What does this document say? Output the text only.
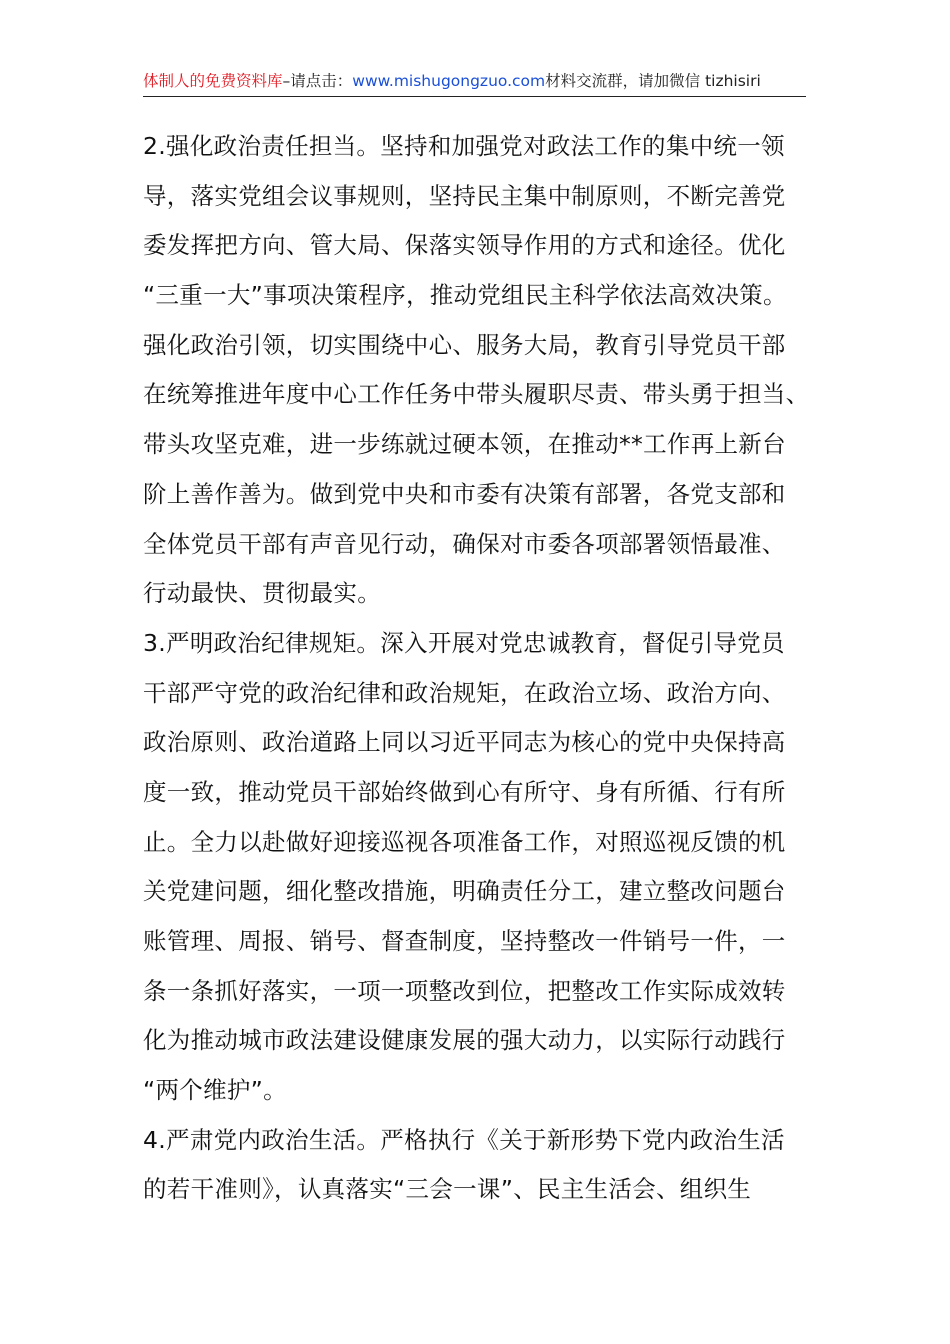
体制人的免费资料库–请点击：www.mishugongzuo.com材料交流群，请加微信 tizhisiri
2.强化政治责任担当。坚持和加强党对政法工作的集中统一领
导，落实党组会议事规则，坚持民主集中制原则，不断完善党
委发挥把方向、管大局、保落实领导作用的方式和途径。优化
“三重一大”事项决策程序，推动党组民主科学依法高效决策。
强化政治引领，切实围绕中心、服务大局，教育引导党员干部
在统筹推进年度中心工作任务中带头履职尽责、带头勇于担当、
带头攻坚克难，进一步练就过硬本领，在推动**工作再上新台
阶上善作善为。做到党中央和市委有决策有部署，各党支部和
全体党员干部有声音见行动，确保对市委各项部署领悟最准、
行动最快、贯彻最实。
3.严明政治纪律规矩。深入开展对党忠诚教育，督促引导党员
干部严守党的政治纪律和政治规矩，在政治立场、政治方向、
政治原则、政治道路上同以习近平同志为核心的党中央保持高
度一致，推动党员干部始终做到心有所守、身有所循、行有所
止。全力以赴做好迎接巡视各项准备工作，对照巡视反馈的机
关党建问题，细化整改措施，明确责任分工，建立整改问题台
账管理、周报、销号、督查制度，坚持整改一件销号一件，一
条一条抓好落实，一项一项整改到位，把整改工作实际成效转
化为推动城市政法建设健康发展的强大动力，以实际行动践行
“两个维护”。
4.严肃党内政治生活。严格执行《关于新形势下党内政治生活
的若干准则》，认真落实“三会一课”、民主生活会、组织生
